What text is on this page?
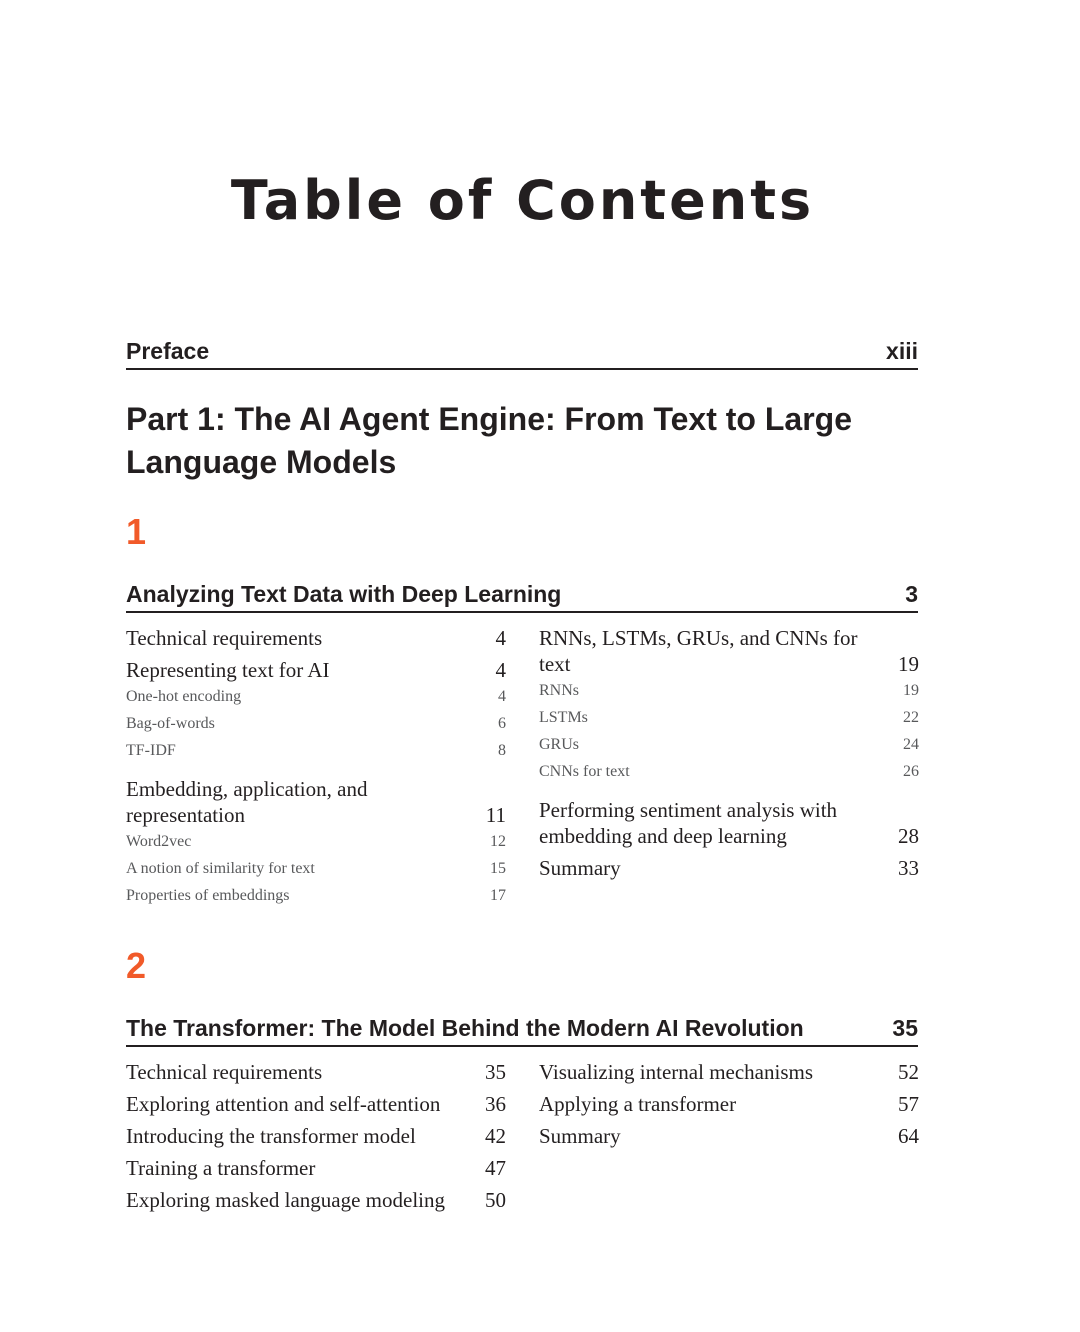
Table of Contents
Preface	xiii
Part 1: The AI Agent Engine: From Text to Large Language Models
1
Analyzing Text Data with Deep Learning	3
Technical requirements	4
Representing text for AI	4
One-hot encoding	4
Bag-of-words	6
TF-IDF	8
Embedding, application, and representation	11
Word2vec	12
A notion of similarity for text	15
Properties of embeddings	17
RNNs, LSTMs, GRUs, and CNNs for text	19
RNNs	19
LSTMs	22
GRUs	24
CNNs for text	26
Performing sentiment analysis with embedding and deep learning	28
Summary	33
2
The Transformer: The Model Behind the Modern AI Revolution	35
Technical requirements	35
Exploring attention and self-attention	36
Introducing the transformer model	42
Training a transformer	47
Exploring masked language modeling	50
Visualizing internal mechanisms	52
Applying a transformer	57
Summary	64
